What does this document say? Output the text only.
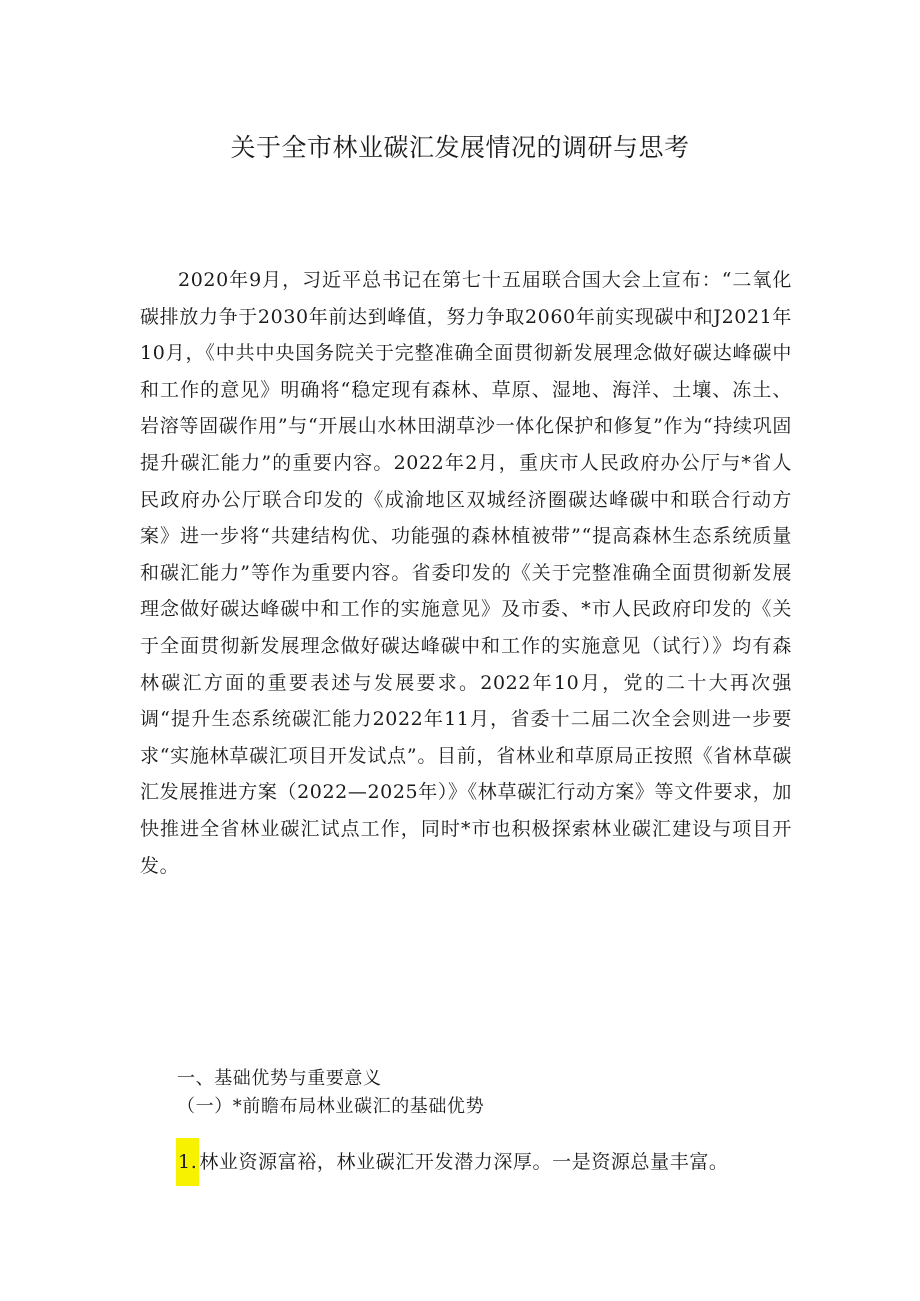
关于全市林业碳汇发展情况的调研与思考

2020年9月，习近平总书记在第七十五届联合国大会上宣布：“二氧化碳排放力争于2030年前达到峰值，努力争取2060年前实现碳中和J2021年10月，《中共中央国务院关于完整准确全面贯彻新发展理念做好碳达峰碳中和工作的意见》明确将“稳定现有森林、草原、湿地、海洋、土壤、冻土、岩溶等固碳作用”与“开展山水林田湖草沙一体化保护和修复”作为“持续巩固提升碳汇能力”的重要内容。2022年2月，重庆市人民政府办公厅与*省人民政府办公厅联合印发的《成渝地区双城经济圈碳达峰碳中和联合行动方案》进一步将“共建结构优、功能强的森林植被带”“提高森林生态系统质量和碳汇能力”等作为重要内容。省委印发的《关于完整准确全面贯彻新发展理念做好碳达峰碳中和工作的实施意见》及市委、*市人民政府印发的《关于全面贯彻新发展理念做好碳达峰碳中和工作的实施意见（试行）》均有森林碳汇方面的重要表述与发展要求。2022年10月，党的二十大再次强调“提升生态系统碳汇能力2022年11月，省委十二届二次全会则进一步要求“实施林草碳汇项目开发试点”。目前，省林业和草原局正按照《省林草碳汇发展推进方案（2022—2025年）》《林草碳汇行动方案》等文件要求，加快推进全省林业碳汇试点工作，同时*市也积极探索林业碳汇建设与项目开发。

一、基础优势与重要意义
（一）*前瞻布局林业碳汇的基础优势

1. 林业资源富裕，林业碳汇开发潜力深厚。一是资源总量丰富。
